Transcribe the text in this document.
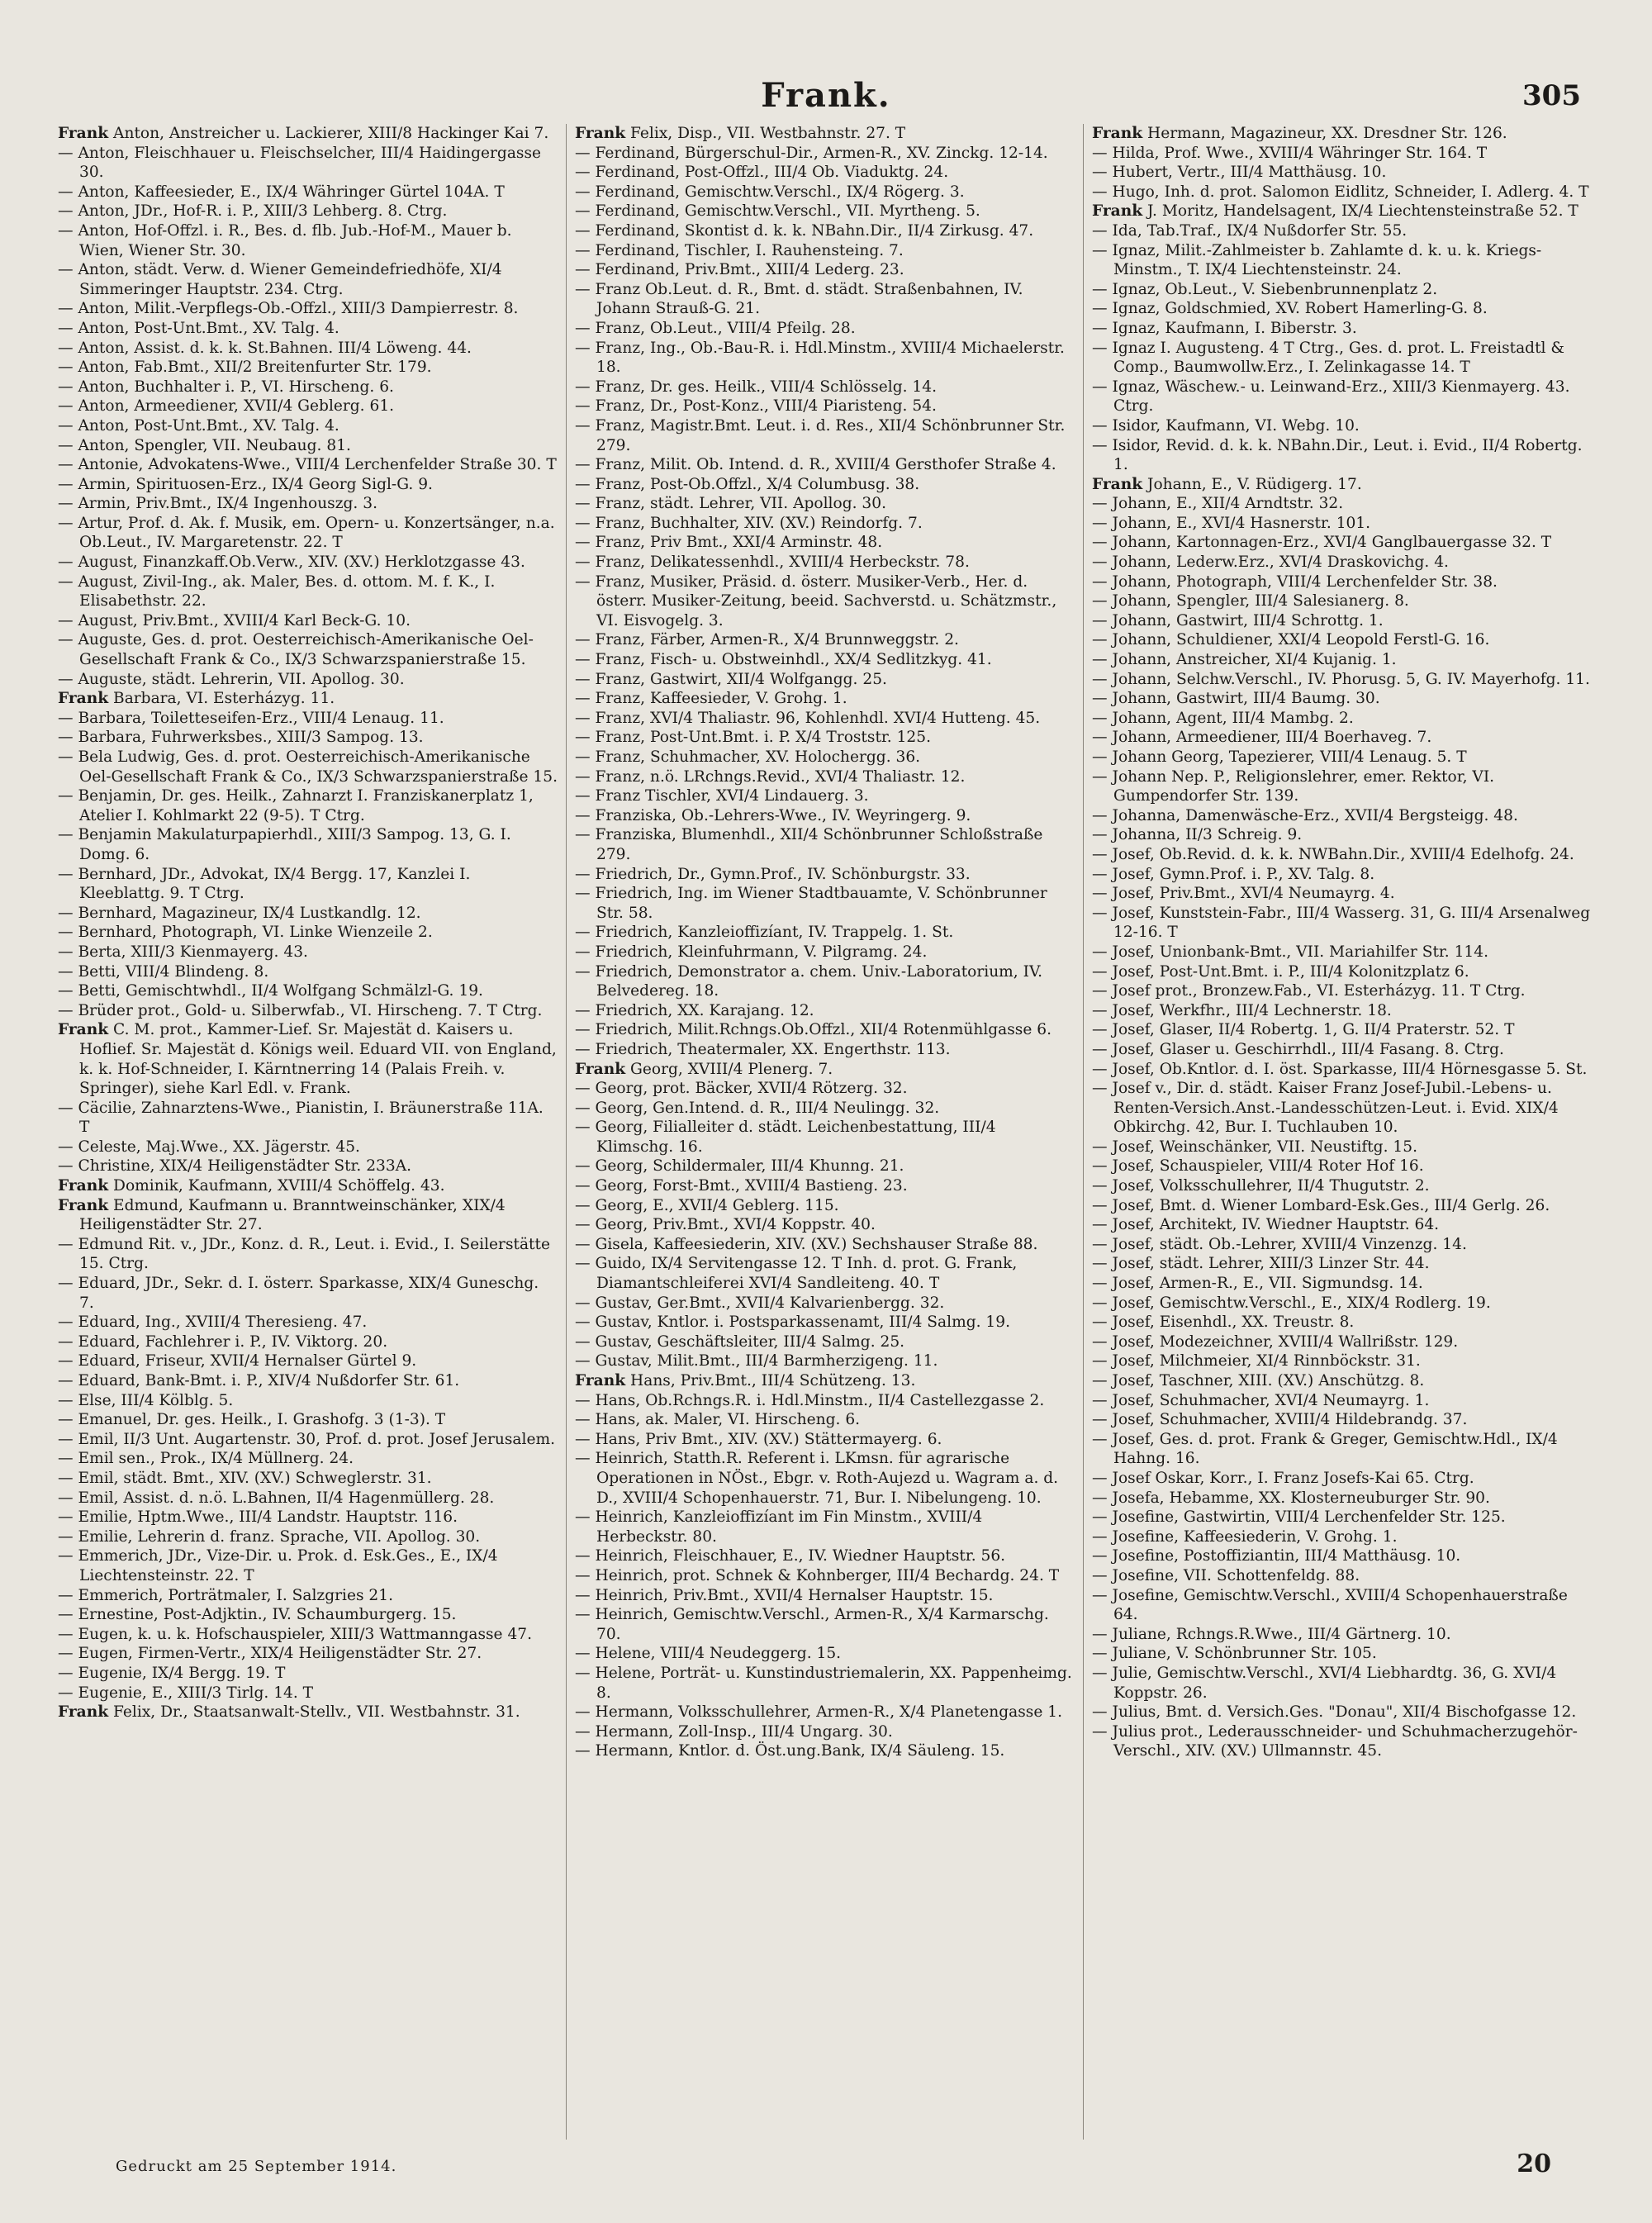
Frank.	305

Frank Anton, Anstreicher u. Lackierer, XIII/8 Hackinger Kai 7.

— Anton, Fleischhauer u. Fleischselcher, III/4 Haidingergasse 30.

— Anton, Kaffeesieder, E., IX/4 Währinger Gürtel 104A. T

— Anton, JDr., Hof-R. i. P., XIII/3 Lehberg. 8. Ctrg.

— Anton, Hof-Offzl. i. R., Bes. d. flb. Jub.-Hof-M., Mauer b. Wien, Wiener Str. 30.

— Anton, städt. Verw. d. Wiener Gemeindefriedhöfe, XI/4 Simmeringer Hauptstr. 234. Ctrg.

— Anton, Milit.-Verpflegs-Ob.-Offzl., XIII/3 Dampierrestr. 8.

— Anton, Post-Unt.Bmt., XV. Talg. 4.

— Anton, Assist. d. k. k. St.Bahnen. III/4 Löweng. 44.

— Anton, Fab.Bmt., XII/2 Breitenfurter Str. 179.

— Anton, Buchhalter i. P., VI. Hirscheng. 6.

— Anton, Armeediener, XVII/4 Geblerg. 61.

— Anton, Post-Unt.Bmt., XV. Talg. 4.

— Anton, Spengler, VII. Neubaug. 81.

— Antonie, Advokatens-Wwe., VIII/4 Lerchenfelder Straße 30. T

— Armin, Spirituosen-Erz., IX/4 Georg Sigl-G. 9.

— Armin, Priv.Bmt., IX/4 Ingenhouszg. 3.

— Artur, Prof. d. Ak. f. Musik, em. Opern- u. Konzertsänger, n.a. Ob.Leut., IV. Margaretenstr. 22. T

— August, Finanzkaff.Ob.Verw., XIV. (XV.) Herklotzgasse 43.

— August, Zivil-Ing., ak. Maler, Bes. d. ottom. M. f. K., I. Elisabethstr. 22.

— August, Priv.Bmt., XVIII/4 Karl Beck-G. 10.

— Auguste, Ges. d. prot. Oesterreichisch-Amerikanische Oel-Gesellschaft Frank & Co., IX/3 Schwarzspanierstraße 15.

— Auguste, städt. Lehrerin, VII. Apollog. 30.

Frank Barbara, VI. Esterházyg. 11.

— Barbara, Toiletteseifen-Erz., VIII/4 Lenaug. 11.

— Barbara, Fuhrwerksbes., XIII/3 Sampog. 13.

— Bela Ludwig, Ges. d. prot. Oesterreichisch-Amerikanische Oel-Gesellschaft Frank & Co., IX/3 Schwarzspanierstraße 15.

— Benjamin, Dr. ges. Heilk., Zahnarzt I. Franziskanerplatz 1, Atelier I. Kohlmarkt 22 (9-5). T Ctrg.

— Benjamin Makulaturpapierhdl., XIII/3 Sampog. 13, G. I. Domg. 6.

— Bernhard, JDr., Advokat, IX/4 Bergg. 17, Kanzlei I. Kleeblattg. 9. T Ctrg.

— Bernhard, Magazineur, IX/4 Lustkandlg. 12.

— Bernhard, Photograph, VI. Linke Wienzeile 2.

— Berta, XIII/3 Kienmayerg. 43.

— Betti, VIII/4 Blindeng. 8.

— Betti, Gemischtwhdl., II/4 Wolfgang Schmälzl-G. 19.

— Brüder prot., Gold- u. Silberwfab., VI. Hirscheng. 7. T Ctrg.

Frank C. M. prot., Kammer-Lief. Sr. Majestät d. Kaisers u. Hoflief. Sr. Majestät d. Königs weil. Eduard VII. von England, k. k. Hof-Schneider, I. Kärntnerring 14 (Palais Freih. v. Springer), siehe Karl Edl. v. Frank.

— Cäcilie, Zahnarztens-Wwe., Pianistin, I. Bräunerstraße 11A. T

— Celeste, Maj.Wwe., XX. Jägerstr. 45.

— Christine, XIX/4 Heiligenstädter Str. 233A.

Frank Dominik, Kaufmann, XVIII/4 Schöffelg. 43.

Frank Edmund, Kaufmann u. Branntweinschänker, XIX/4 Heiligenstädter Str. 27.

— Edmund Rit. v., JDr., Konz. d. R., Leut. i. Evid., I. Seilerstätte 15. Ctrg.

— Eduard, JDr., Sekr. d. I. österr. Sparkasse, XIX/4 Guneschg. 7.

— Eduard, Ing., XVIII/4 Theresieng. 47.

— Eduard, Fachlehrer i. P., IV. Viktorg. 20.

— Eduard, Friseur, XVII/4 Hernalser Gürtel 9.

— Eduard, Bank-Bmt. i. P., XIV/4 Nußdorfer Str. 61.

— Else, III/4 Kölblg. 5.

— Emanuel, Dr. ges. Heilk., I. Grashofg. 3 (1-3). T

— Emil, II/3 Unt. Augartenstr. 30, Prof. d. prot. Josef Jerusalem.

— Emil sen., Prok., IX/4 Müllnerg. 24.

— Emil, städt. Bmt., XIV. (XV.) Schweglerstr. 31.

— Emil, Assist. d. n.ö. L.Bahnen, II/4 Hagenmüllerg. 28.

— Emilie, Hptm.Wwe., III/4 Landstr. Hauptstr. 116.

— Emilie, Lehrerin d. franz. Sprache, VII. Apollog. 30.

— Emmerich, JDr., Vize-Dir. u. Prok. d. Esk.Ges., E., IX/4 Liechtensteinstr. 22. T

— Emmerich, Porträtmaler, I. Salzgries 21.

— Ernestine, Post-Adjktin., IV. Schaumburgerg. 15.

— Eugen, k. u. k. Hofschauspieler, XIII/3 Wattmanngasse 47.

— Eugen, Firmen-Vertr., XIX/4 Heiligenstädter Str. 27.

— Eugenie, IX/4 Bergg. 19. T

— Eugenie, E., XIII/3 Tirlg. 14. T

Frank Felix, Dr., Staatsanwalt-Stellv., VII. Westbahnstr. 31.

Frank Felix, Disp., VII. Westbahnstr. 27. T

— Ferdinand, Bürgerschul-Dir., Armen-R., XV. Zinckg. 12-14.

— Ferdinand, Post-Offzl., III/4 Ob. Viaduktg. 24.

— Ferdinand, Gemischtw.Verschl., IX/4 Rögerg. 3.

— Ferdinand, Gemischtw.Verschl., VII. Myrtheng. 5.

— Ferdinand, Skontist d. k. k. NBahn.Dir., II/4 Zirkusg. 47.

— Ferdinand, Tischler, I. Rauhensteing. 7.

— Ferdinand, Priv.Bmt., XIII/4 Lederg. 23.

— Franz Ob.Leut. d. R., Bmt. d. städt. Straßenbahnen, IV. Johann Strauß-G. 21.

— Franz, Ob.Leut., VIII/4 Pfeilg. 28.

— Franz, Ing., Ob.-Bau-R. i. Hdl.Minstm., XVIII/4 Michaelerstr. 18.

— Franz, Dr. ges. Heilk., VIII/4 Schlösselg. 14.

— Franz, Dr., Post-Konz., VIII/4 Piaristeng. 54.

— Franz, Magistr.Bmt. Leut. i. d. Res., XII/4 Schönbrunner Str. 279.

— Franz, Milit. Ob. Intend. d. R., XVIII/4 Gersthofer Straße 4.

— Franz, Post-Ob.Offzl., X/4 Columbusg. 38.

— Franz, städt. Lehrer, VII. Apollog. 30.

— Franz, Buchhalter, XIV. (XV.) Reindorfg. 7.

— Franz, Priv Bmt., XXI/4 Arminstr. 48.

— Franz, Delikatessenhdl., XVIII/4 Herbeckstr. 78.

— Franz, Musiker, Präsid. d. österr. Musiker-Verb., Her. d. österr. Musiker-Zeitung, beeid. Sachverstd. u. Schätzmstr., VI. Eisvogelg. 3.

— Franz, Färber, Armen-R., X/4 Brunnweggstr. 2.

— Franz, Fisch- u. Obstweinhdl., XX/4 Sedlitzkyg. 41.

— Franz, Gastwirt, XII/4 Wolfgangg. 25.

— Franz, Kaffeesieder, V. Grohg. 1.

— Franz, XVI/4 Thaliastr. 96, Kohlenhdl. XVI/4 Hutteng. 45.

— Franz, Post-Unt.Bmt. i. P. X/4 Troststr. 125.

— Franz, Schuhmacher, XV. Holochergg. 36.

— Franz, n.ö. LRchngs.Revid., XVI/4 Thaliastr. 12.

— Franz Tischler, XVI/4 Lindauerg. 3.

— Franziska, Ob.-Lehrers-Wwe., IV. Weyringerg. 9.

— Franziska, Blumenhdl., XII/4 Schönbrunner Schloßstraße 279.

— Friedrich, Dr., Gymn.Prof., IV. Schönburgstr. 33.

— Friedrich, Ing. im Wiener Stadtbauamte, V. Schönbrunner Str. 58.

— Friedrich, Kanzleioffizíant, IV. Trappelg. 1. St.

— Friedrich, Kleinfuhrmann, V. Pilgramg. 24.

— Friedrich, Demonstrator a. chem. Univ.-Laboratorium, IV. Belvedereg. 18.

— Friedrich, XX. Karajang. 12.

— Friedrich, Milit.Rchngs.Ob.Offzl., XII/4 Rotenmühlgasse 6.

— Friedrich, Theatermaler, XX. Engerthstr. 113.

Frank Georg, XVIII/4 Plenerg. 7.

— Georg, prot. Bäcker, XVII/4 Rötzerg. 32.

— Georg, Gen.Intend. d. R., III/4 Neulingg. 32.

— Georg, Filialleiter d. städt. Leichenbestattung, III/4 Klimschg. 16.

— Georg, Schildermaler, III/4 Khunng. 21.

— Georg, Forst-Bmt., XVIII/4 Bastieng. 23.

— Georg, E., XVII/4 Geblerg. 115.

— Georg, Priv.Bmt., XVI/4 Koppstr. 40.

— Gisela, Kaffeesiederin, XIV. (XV.) Sechshauser Straße 88.

— Guido, IX/4 Servitengasse 12. T Inh. d. prot. G. Frank, Diamantschleiferei XVI/4 Sandleiteng. 40. T

— Gustav, Ger.Bmt., XVII/4 Kalvarienbergg. 32.

— Gustav, Kntlor. i. Postsparkassenamt, III/4 Salmg. 19.

— Gustav, Geschäftsleiter, III/4 Salmg. 25.

— Gustav, Milit.Bmt., III/4 Barmherzigeng. 11.

Frank Hans, Priv.Bmt., III/4 Schützeng. 13.

— Hans, Ob.Rchngs.R. i. Hdl.Minstm., II/4 Castellezgasse 2.

— Hans, ak. Maler, VI. Hirscheng. 6.

— Hans, Priv Bmt., XIV. (XV.) Stättermayerg. 6.

— Heinrich, Statth.R. Referent i. LKmsn. für agrarische Operationen in NÖst., Ebgr. v. Roth-Aujezd u. Wagram a. d. D., XVIII/4 Schopenhauerstr. 71, Bur. I. Nibelungeng. 10.

— Heinrich, Kanzleioffizíant im Fin Minstm., XVIII/4 Herbeckstr. 80.

— Heinrich, Fleischhauer, E., IV. Wiedner Hauptstr. 56.

— Heinrich, prot. Schnek & Kohnberger, III/4 Bechardg. 24. T

— Heinrich, Priv.Bmt., XVII/4 Hernalser Hauptstr. 15.

— Heinrich, Gemischtw.Verschl., Armen-R., X/4 Karmarschg. 70.

— Helene, VIII/4 Neudeggerg. 15.

— Helene, Porträt- u. Kunstindustriemalerin, XX. Pappenheimg. 8.

— Hermann, Volksschullehrer, Armen-R., X/4 Planetengasse 1.

— Hermann, Zoll-Insp., III/4 Ungarg. 30.

— Hermann, Kntlor. d. Öst.ung.Bank, IX/4 Säuleng. 15.

Frank Hermann, Magazineur, XX. Dresdner Str. 126.

— Hilda, Prof. Wwe., XVIII/4 Währinger Str. 164. T

— Hubert, Vertr., III/4 Matthäusg. 10.

— Hugo, Inh. d. prot. Salomon Eidlitz, Schneider, I. Adlerg. 4. T

Frank J. Moritz, Handelsagent, IX/4 Liechtensteinstraße 52. T

— Ida, Tab.Traf., IX/4 Nußdorfer Str. 55.

— Ignaz, Milit.-Zahlmeister b. Zahlamte d. k. u. k. Kriegs-Minstm., T. IX/4 Liechtensteinstr. 24.

— Ignaz, Ob.Leut., V. Siebenbrunnenplatz 2.

— Ignaz, Goldschmied, XV. Robert Hamerling-G. 8.

— Ignaz, Kaufmann, I. Biberstr. 3.

— Ignaz I. Augusteng. 4 T Ctrg., Ges. d. prot. L. Freistadtl & Comp., Baumwollw.Erz., I. Zelinkagasse 14. T

— Ignaz, Wäschew.- u. Leinwand-Erz., XIII/3 Kienmayerg. 43. Ctrg.

— Isidor, Kaufmann, VI. Webg. 10.

— Isidor, Revid. d. k. k. NBahn.Dir., Leut. i. Evid., II/4 Robertg. 1.

Frank Johann, E., V. Rüdigerg. 17.

— Johann, E., XII/4 Arndtstr. 32.

— Johann, E., XVI/4 Hasnerstr. 101.

— Johann, Kartonnagen-Erz., XVI/4 Ganglbauergasse 32. T

— Johann, Lederw.Erz., XVI/4 Draskovichg. 4.

— Johann, Photograph, VIII/4 Lerchenfelder Str. 38.

— Johann, Spengler, III/4 Salesianerg. 8.

— Johann, Gastwirt, III/4 Schrottg. 1.

— Johann, Schuldiener, XXI/4 Leopold Ferstl-G. 16.

— Johann, Anstreicher, XI/4 Kujanig. 1.

— Johann, Selchw.Verschl., IV. Phorusg. 5, G. IV. Mayerhofg. 11.

— Johann, Gastwirt, III/4 Baumg. 30.

— Johann, Agent, III/4 Mambg. 2.

— Johann, Armeediener, III/4 Boerhaveg. 7.

— Johann Georg, Tapezierer, VIII/4 Lenaug. 5. T

— Johann Nep. P., Religionslehrer, emer. Rektor, VI. Gumpendorfer Str. 139.

— Johanna, Damenwäsche-Erz., XVII/4 Bergsteigg. 48.

— Johanna, II/3 Schreig. 9.

— Josef, Ob.Revid. d. k. k. NWBahn.Dir., XVIII/4 Edelhofg. 24.

— Josef, Gymn.Prof. i. P., XV. Talg. 8.

— Josef, Priv.Bmt., XVI/4 Neumayrg. 4.

— Josef, Kunststein-Fabr., III/4 Wasserg. 31, G. III/4 Arsenalweg 12-16. T

— Josef, Unionbank-Bmt., VII. Mariahilfer Str. 114.

— Josef, Post-Unt.Bmt. i. P., III/4 Kolonitzplatz 6.

— Josef prot., Bronzew.Fab., VI. Esterházyg. 11. T Ctrg.

— Josef, Werkfhr., III/4 Lechnerstr. 18.

— Josef, Glaser, II/4 Robertg. 1, G. II/4 Praterstr. 52. T

— Josef, Glaser u. Geschirrhdl., III/4 Fasang. 8. Ctrg.

— Josef, Ob.Kntlor. d. I. öst. Sparkasse, III/4 Hörnesgasse 5. St.

— Josef v., Dir. d. städt. Kaiser Franz Josef-Jubil.-Lebens- u. Renten-Versich.Anst.-Landesschützen-Leut. i. Evid. XIX/4 Obkirchg. 42, Bur. I. Tuchlauben 10.

— Josef, Weinschänker, VII. Neustiftg. 15.

— Josef, Schauspieler, VIII/4 Roter Hof 16.

— Josef, Volksschullehrer, II/4 Thugutstr. 2.

— Josef, Bmt. d. Wiener Lombard-Esk.Ges., III/4 Gerlg. 26.

— Josef, Architekt, IV. Wiedner Hauptstr. 64.

— Josef, städt. Ob.-Lehrer, XVIII/4 Vinzenzg. 14.

— Josef, städt. Lehrer, XIII/3 Linzer Str. 44.

— Josef, Armen-R., E., VII. Sigmundsg. 14.

— Josef, Gemischtw.Verschl., E., XIX/4 Rodlerg. 19.

— Josef, Eisenhdl., XX. Treustr. 8.

— Josef, Modezeichner, XVIII/4 Wallrißstr. 129.

— Josef, Milchmeier, XI/4 Rinnböckstr. 31.

— Josef, Taschner, XIII. (XV.) Anschützg. 8.

— Josef, Schuhmacher, XVI/4 Neumayrg. 1.

— Josef, Schuhmacher, XVIII/4 Hildebrandg. 37.

— Josef, Ges. d. prot. Frank & Greger, Gemischtw.Hdl., IX/4 Hahng. 16.

— Josef Oskar, Korr., I. Franz Josefs-Kai 65. Ctrg.

— Josefa, Hebamme, XX. Klosterneuburger Str. 90.

— Josefine, Gastwirtin, VIII/4 Lerchenfelder Str. 125.

— Josefine, Kaffeesiederin, V. Grohg. 1.

— Josefine, Postoffiziantin, III/4 Matthäusg. 10.

— Josefine, VII. Schottenfeldg. 88.

— Josefine, Gemischtw.Verschl., XVIII/4 Schopenhauerstraße 64.

— Juliane, Rchngs.R.Wwe., III/4 Gärtnerg. 10.

— Juliane, V. Schönbrunner Str. 105.

— Julie, Gemischtw.Verschl., XVI/4 Liebhardtg. 36, G. XVI/4 Koppstr. 26.

— Julius, Bmt. d. Versich.Ges. "Donau", XII/4 Bischofgasse 12.

— Julius prot., Lederausschneider- und Schuhmacherzugehör-Verschl., XIV. (XV.) Ullmannstr. 45.

Gedruckt am 25 September 1914.	20
